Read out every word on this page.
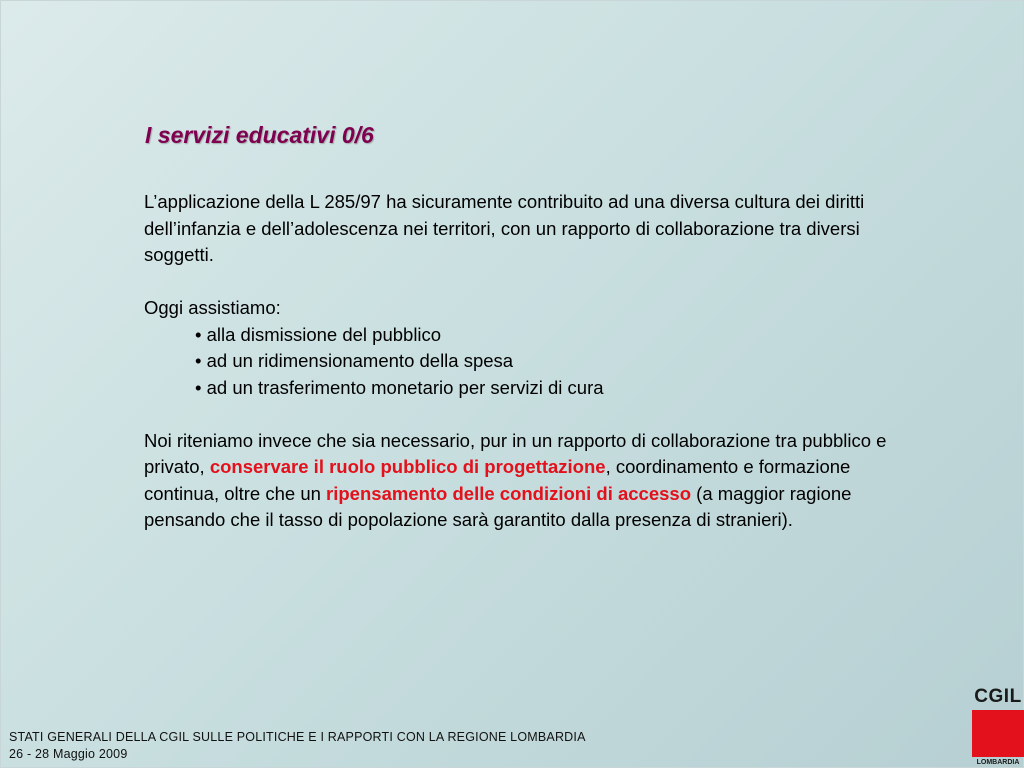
I servizi educativi 0/6

L’applicazione della L 285/97 ha sicuramente contribuito ad una diversa cultura dei diritti dell’infanzia e dell’adolescenza nei territori, con un rapporto di collaborazione tra diversi soggetti.

Oggi assistiamo:

• alla dismissione del pubblico
• ad un ridimensionamento della spesa
• ad un trasferimento monetario per servizi di cura

Noi riteniamo invece che sia necessario, pur in un rapporto di collaborazione tra pubblico e privato, conservare il ruolo pubblico di progettazione, coordinamento e formazione continua, oltre che un ripensamento delle condizioni di accesso (a maggior ragione pensando che il tasso di popolazione sarà garantito dalla presenza di stranieri).

STATI GENERALI DELLA CGIL SULLE POLITICHE E I RAPPORTI CON LA REGIONE LOMBARDIA
26 - 28 Maggio 2009
CGIL
LOMBARDIA
